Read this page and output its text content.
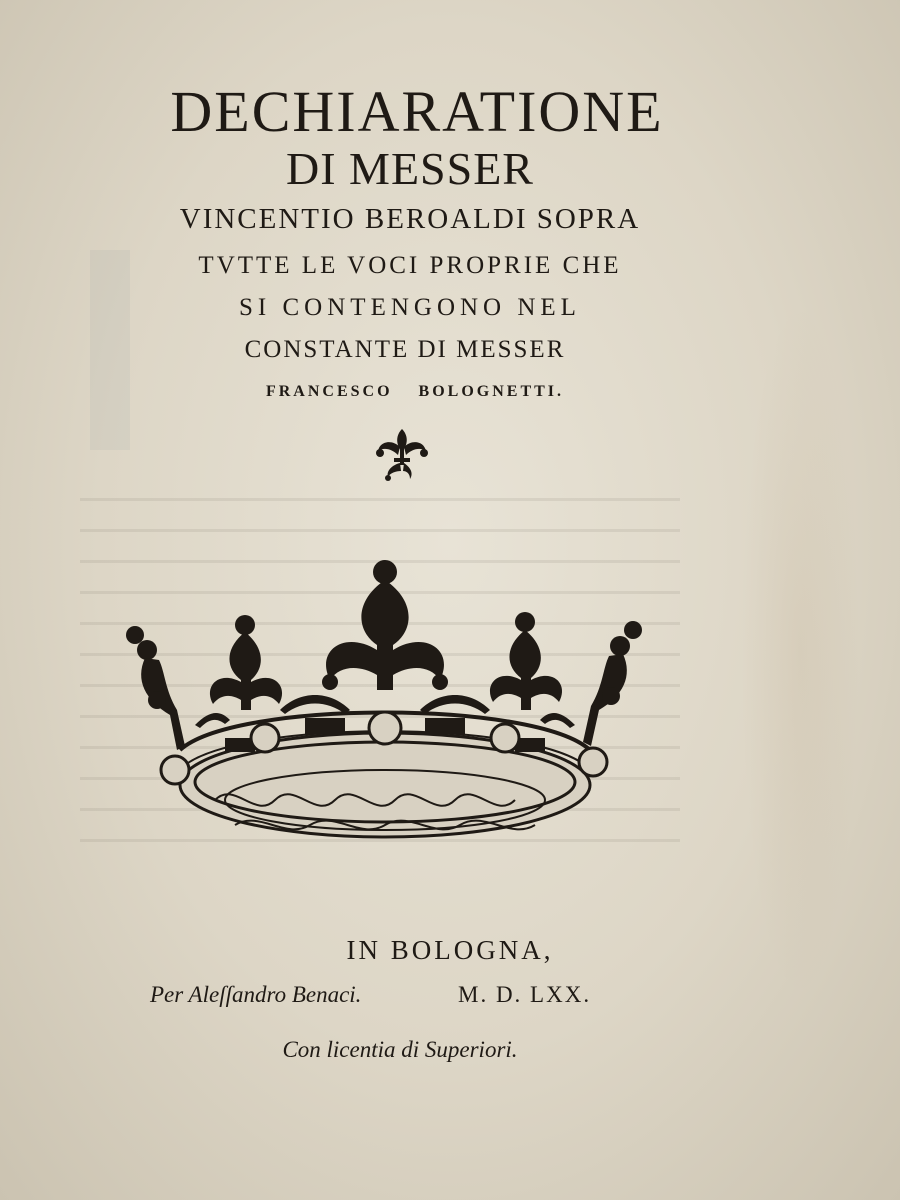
DECHIARATIONE
DI MESSER
VINCENTIO BEROALDI SOPRA
TVTTE LE VOCI PROPRIE CHE
SI CONTENGONO NEL
CONSTANTE DI MESSER
FRANCESCO BOLOGNETTI.
IN BOLOGNA,
Per Aleſſandro Benaci.	M. D. LXX.
Con licentia di Superiori.
